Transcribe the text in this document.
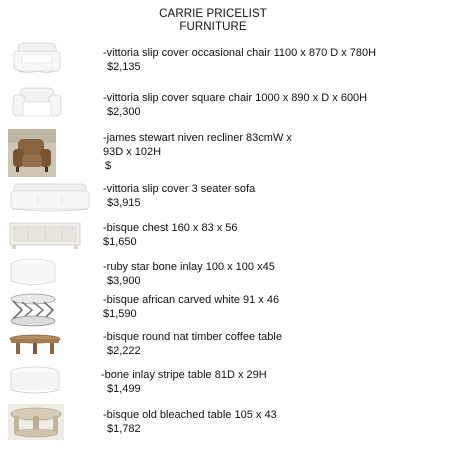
CARRIE PRICELIST
FURNITURE
-vittoria slip cover occasional chair 1100 x 870 D x 780H
$2,135
-vittoria slip cover square chair 1000 x 890 x D x 600H
$2,300
-james stewart niven recliner 83cmW x
93D x 102H
$
-vittoria slip cover 3 seater sofa
$3,915
-bisque chest 160 x 83 x 56
$1,650
-ruby star bone inlay 100 x 100 x45
$3,900
-bisque african carved white 91 x 46
$1,590
-bisque round nat timber coffee table
$2,222
-bone inlay stripe table 81D x 29H
$1,499
-bisque old bleached table 105 x 43
$1,782
